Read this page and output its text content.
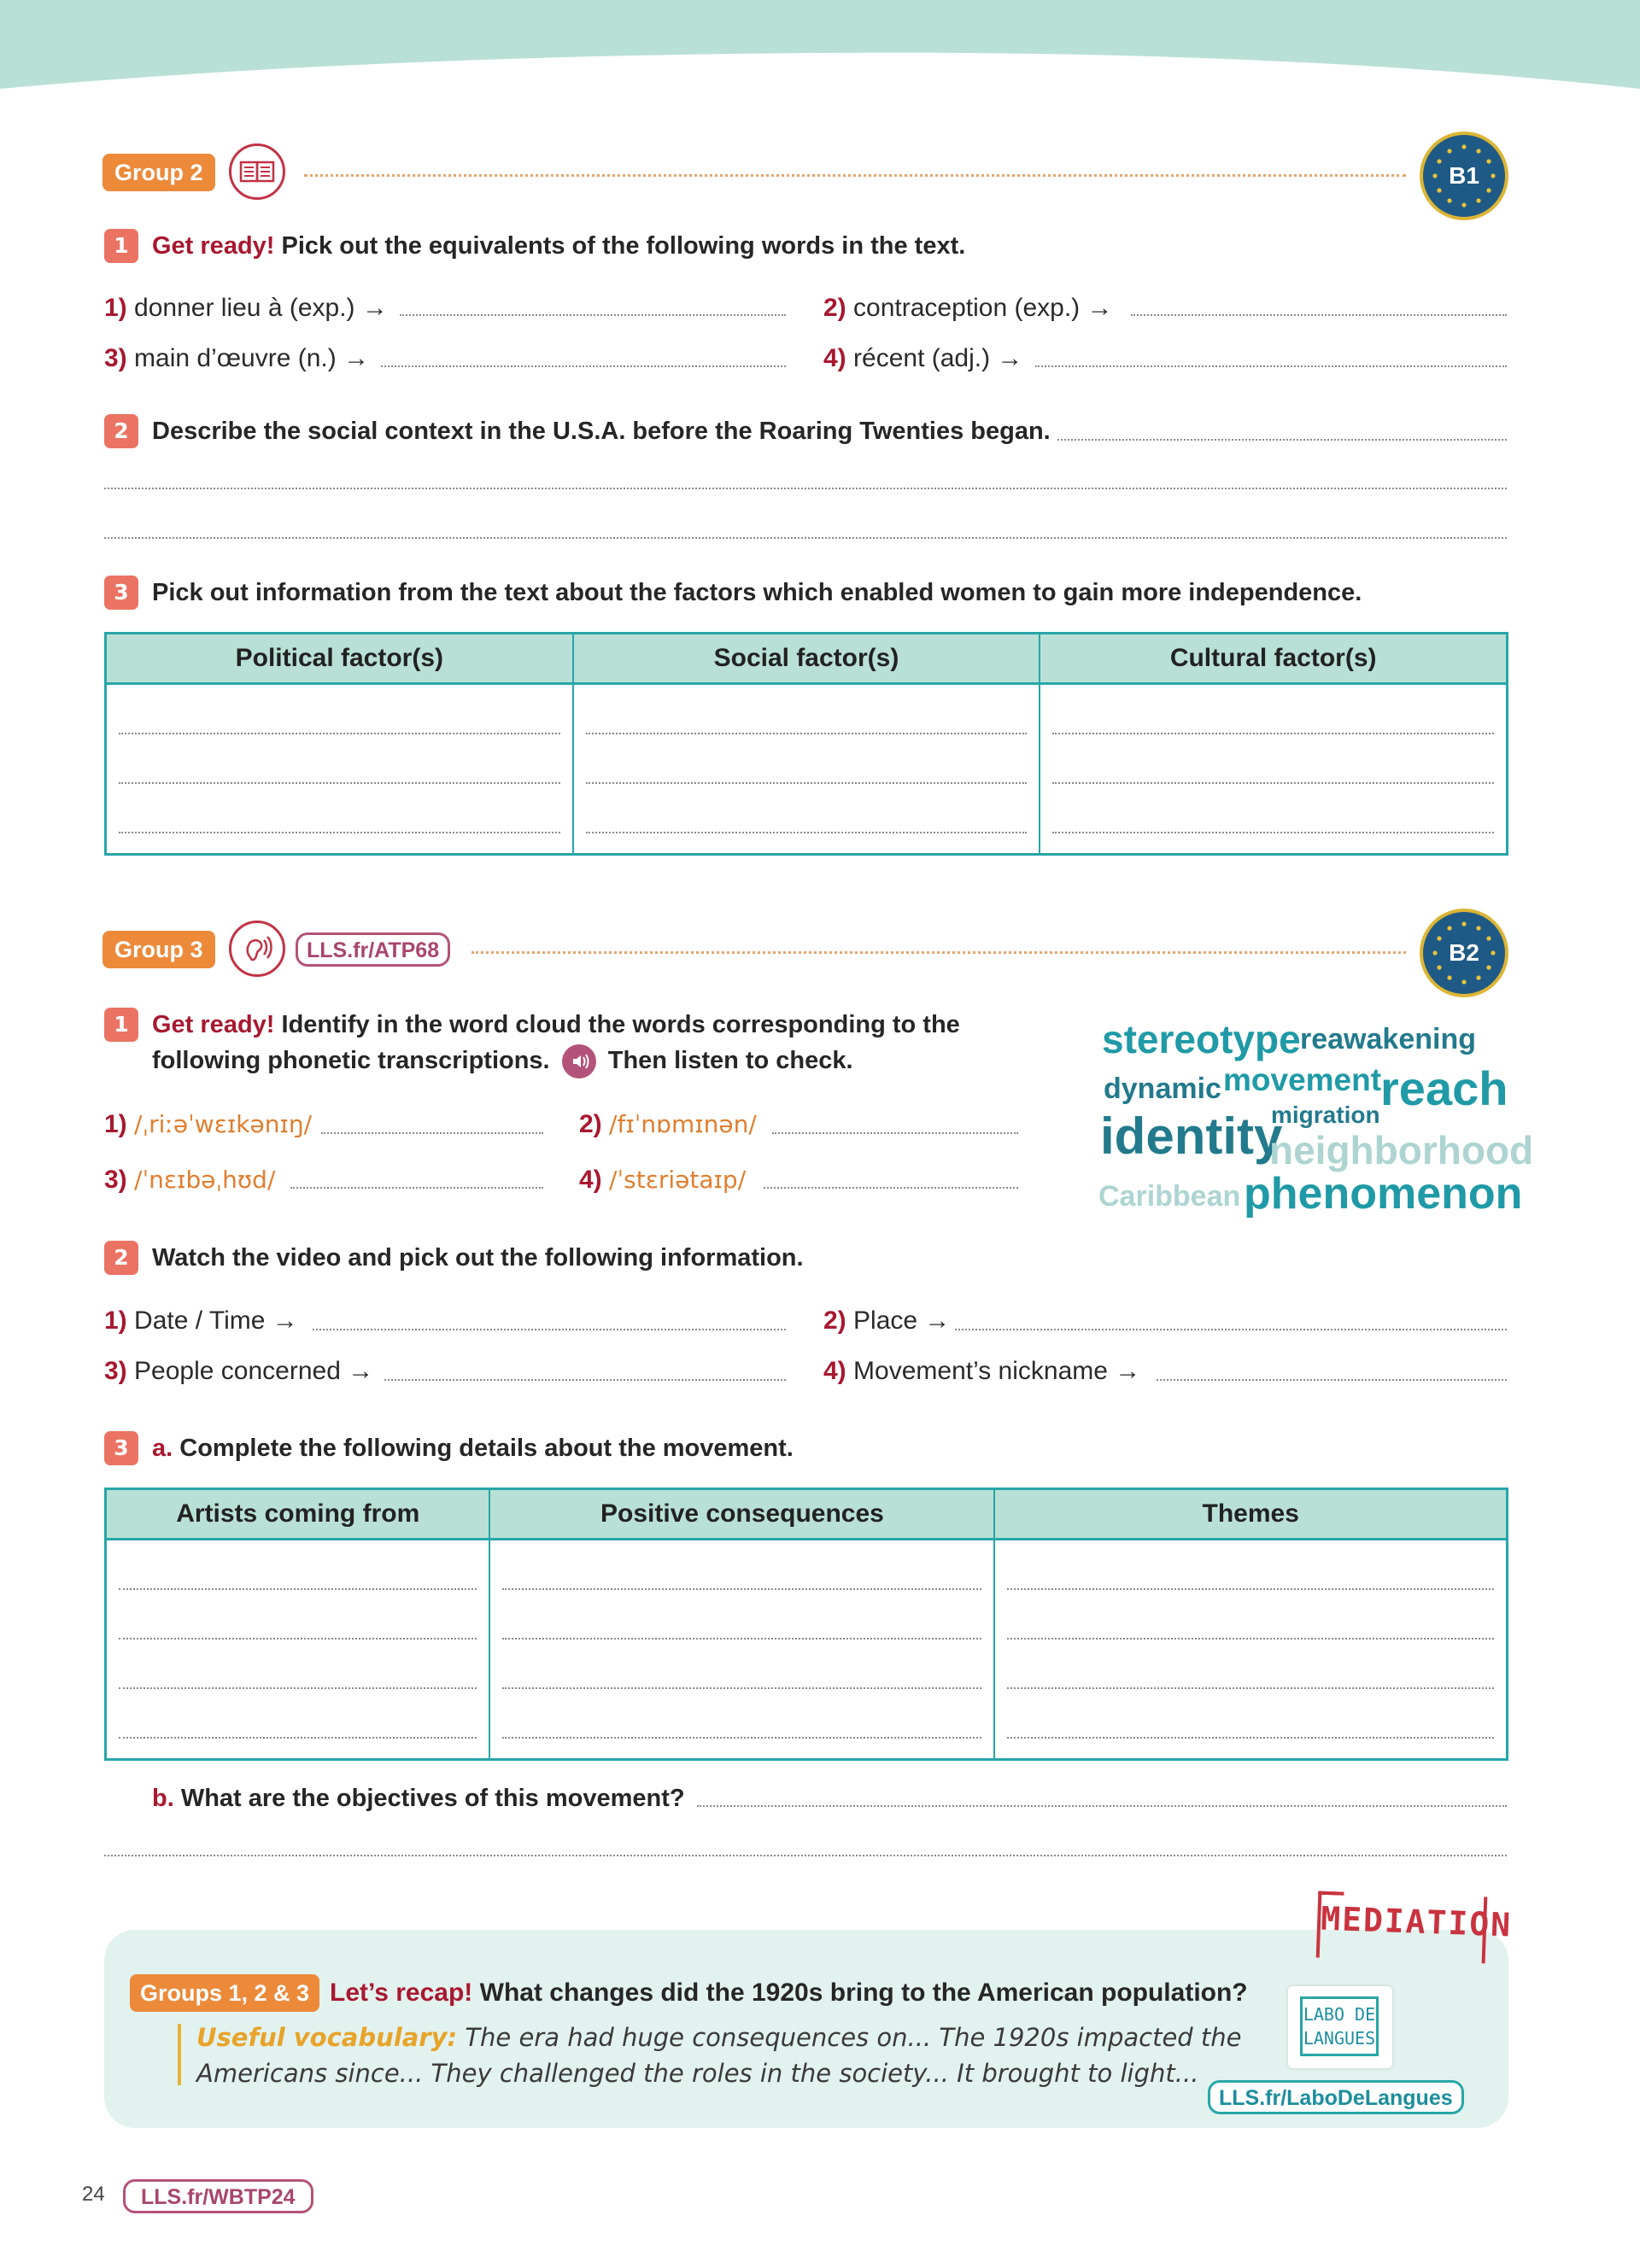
Group 2	B1
1 Get ready! Pick out the equivalents of the following words in the text.
1) donner lieu à (exp.) →	2) contraception (exp.) →
3) main d’œuvre (n.) →	4) récent (adj.) →
2 Describe the social context in the U.S.A. before the Roaring Twenties began.
3 Pick out information from the text about the factors which enabled women to gain more independence.
Political factor(s)	Social factor(s)	Cultural factor(s)

Group 3	LLS.fr/ATP68	B2
1 Get ready! Identify in the word cloud the words corresponding to the
following phonetic transcriptions. Then listen to check.
1) /ˌriːəˈwɛɪkənɪŋ/	2) /fɪˈnɒmɪnən/
3) /ˈnɛɪbəˌhʊd/	4) /ˈstɛriətaɪp/
stereotype reawakening
dynamic movement
reach
migration
identity
neighborhood
Caribbean phenomenon
2 Watch the video and pick out the following information.
1) Date / Time →	2) Place →
3) People concerned →	4) Movement’s nickname →
3 a. Complete the following details about the movement.
Artists coming from	Positive consequences	Themes

b. What are the objectives of this movement?
MEDIATION
Groups 1, 2 & 3 Let’s recap! What changes did the 1920s bring to the American population?
Useful vocabulary: The era had huge consequences on... The 1920s impacted the
Americans since... They challenged the roles in the society... It brought to light...
LABO DE
LANGUES
LLS.fr/LaboDeLangues
24	LLS.fr/WBTP24
